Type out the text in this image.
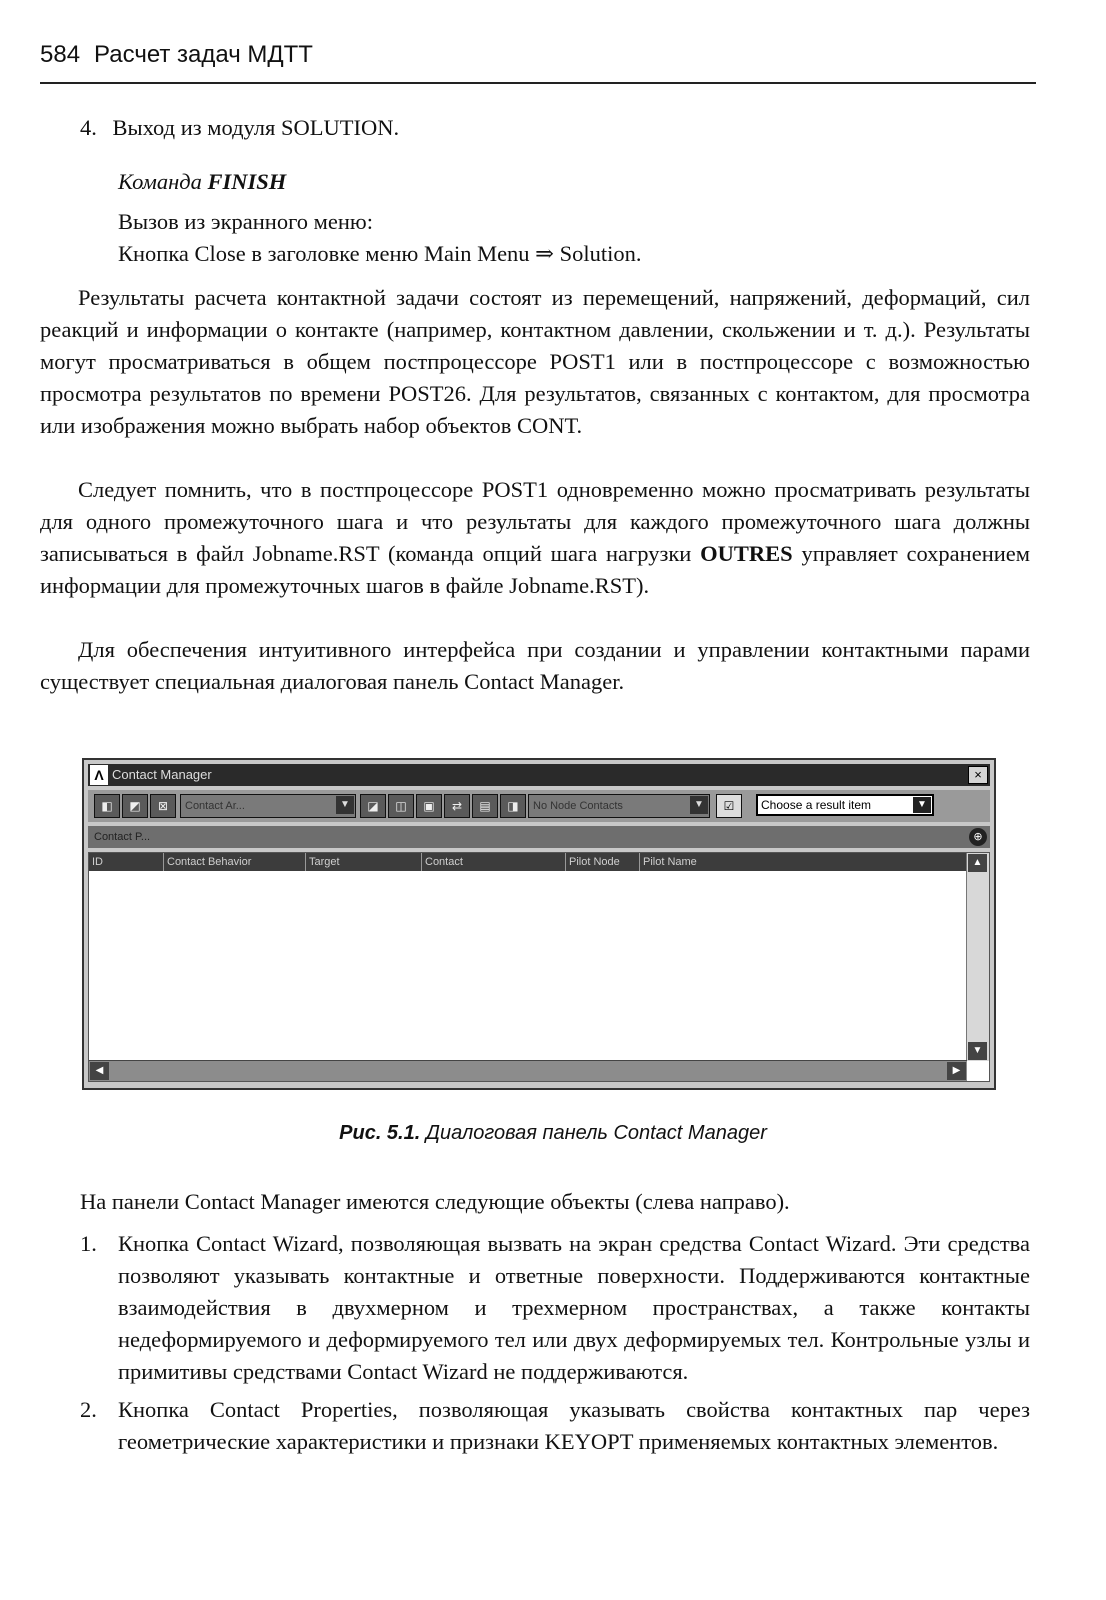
584 Расчет задач МДТТ
4. Выход из модуля SOLUTION.
Команда FINISH
Вызов из экранного меню:
Кнопка Close в заголовке меню Main Menu ⇒ Solution.
Результаты расчета контактной задачи состоят из перемещений, напряжений, деформаций, сил реакций и информации о контакте (например, контактном давлении, скольжении и т. д.). Результаты могут просматриваться в общем постпроцессоре POST1 или в постпроцессоре с возможностью просмотра результатов по времени POST26. Для результатов, связанных с контактом, для просмотра или изображения можно выбрать набор объектов CONT.
Следует помнить, что в постпроцессоре POST1 одновременно можно просматривать результаты для одного промежуточного шага и что результаты для каждого промежуточного шага должны записываться в файл Jobname.RST (команда опций шага нагрузки OUTRES управляет сохранением информации для промежуточных шагов в файле Jobname.RST).
Для обеспечения интуитивного интерфейса при создании и управлении контактными парами существует специальная диалоговая панель Contact Manager.
Λ Contact Manager	×
◧	◩	⊠	Contact Ar...	▼	◪	◫	▣	⇄	▤	◨	No Node Contacts	▼	☑	Choose a result item	▼
Contact P...	⊕
ID	Contact Behavior	Target	Contact	Pilot Node	Pilot Name	▲
▼
◀	▶
Рис. 5.1. Диалоговая панель Contact Manager
На панели Contact Manager имеются следующие объекты (слева направо).
1. Кнопка Contact Wizard, позволяющая вызвать на экран средства Contact Wizard. Эти средства позволяют указывать контактные и ответные поверхности. Поддерживаются контактные взаимодействия в двухмерном и трехмерном пространствах, а также контакты недеформируемого и деформируемого тел или двух деформируемых тел. Контрольные узлы и примитивы средствами Contact Wizard не поддерживаются.
2. Кнопка Contact Properties, позволяющая указывать свойства контактных пар через геометрические характеристики и признаки KEYOPT применяемых контактных элементов.
